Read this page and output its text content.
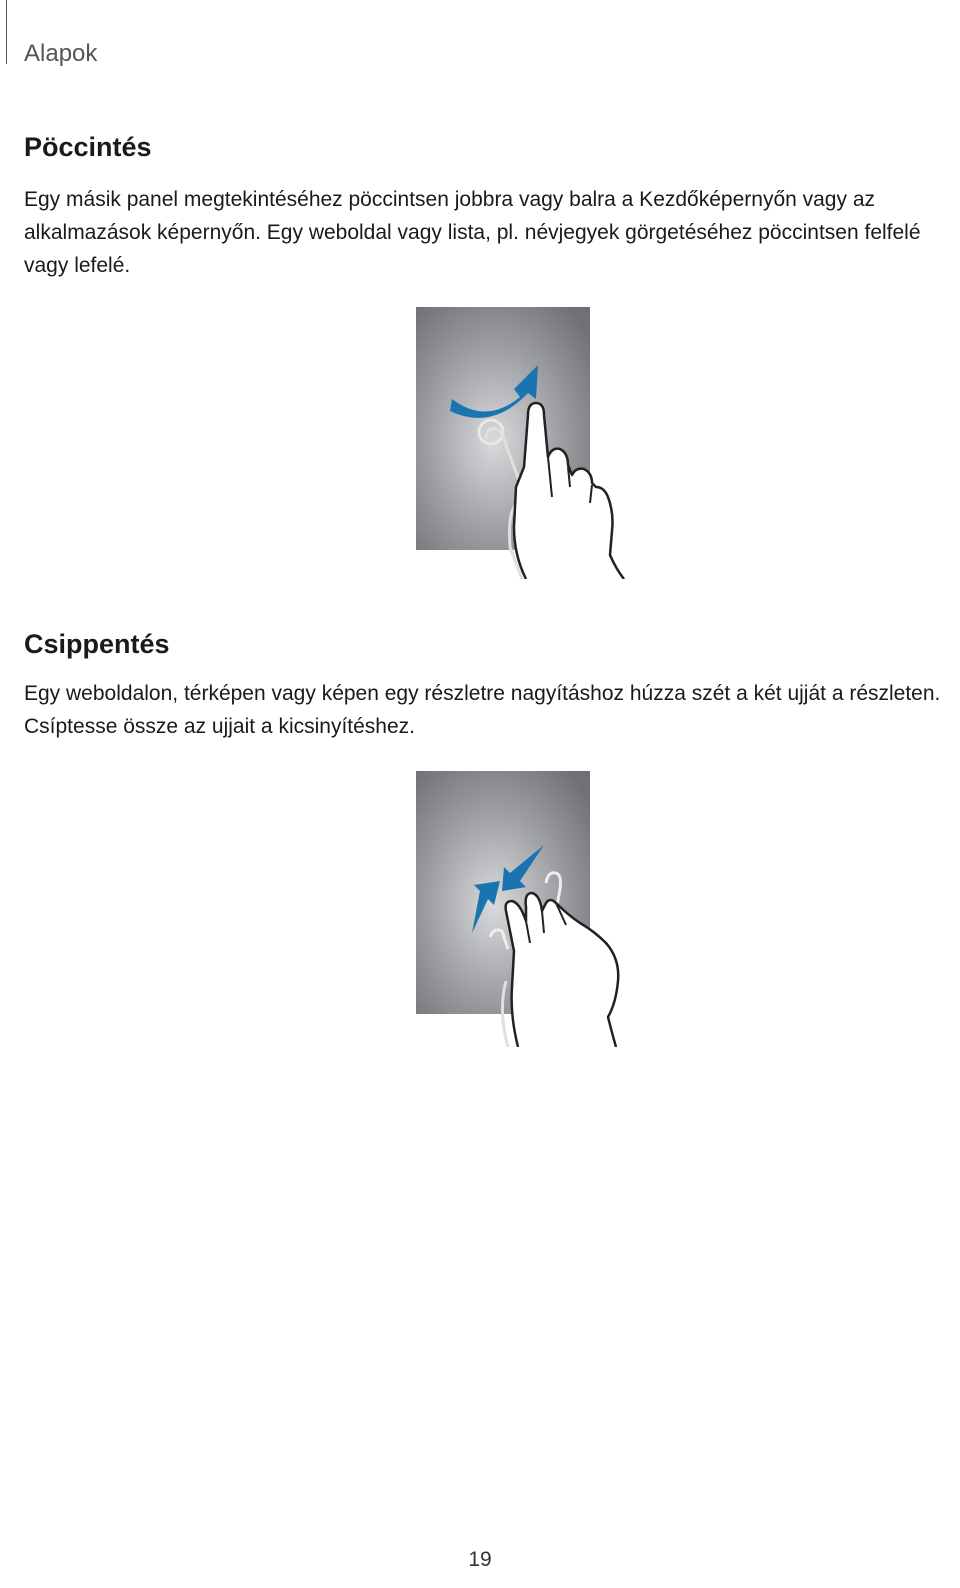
Alapok
Pöccintés

Egy másik panel megtekintéséhez pöccintsen jobbra vagy balra a Kezdőképernyőn vagy az alkalmazások képernyőn. Egy weboldal vagy lista, pl. névjegyek görgetéséhez pöccintsen felfelé vagy lefelé.

Csippentés

Egy weboldalon, térképen vagy képen egy részletre nagyításhoz húzza szét a két ujját a részleten. Csíptesse össze az ujjait a kicsinyítéshez.

19
